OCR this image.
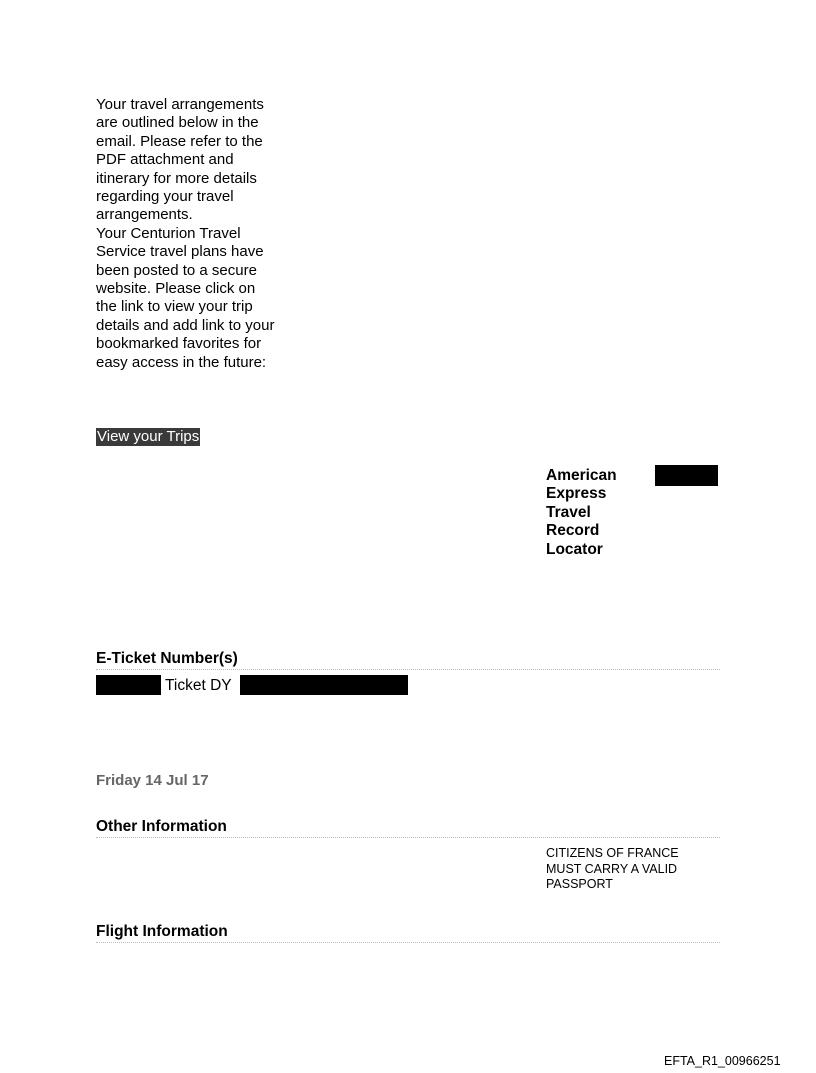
Your travel arrangements are outlined below in the email. Please refer to the PDF attachment and itinerary for more details regarding your travel arrangements.

Your Centurion Travel Service travel plans have been posted to a secure website. Please click on the link to view your trip details and add link to your bookmarked favorites for easy access in the future:

View your Trips
American Express Travel Record Locator
E-Ticket Number(s)
Ticket DY
Friday 14 Jul 17
Other Information
CITIZENS OF FRANCE MUST CARRY A VALID PASSPORT
Flight Information
EFTA_R1_00966251
